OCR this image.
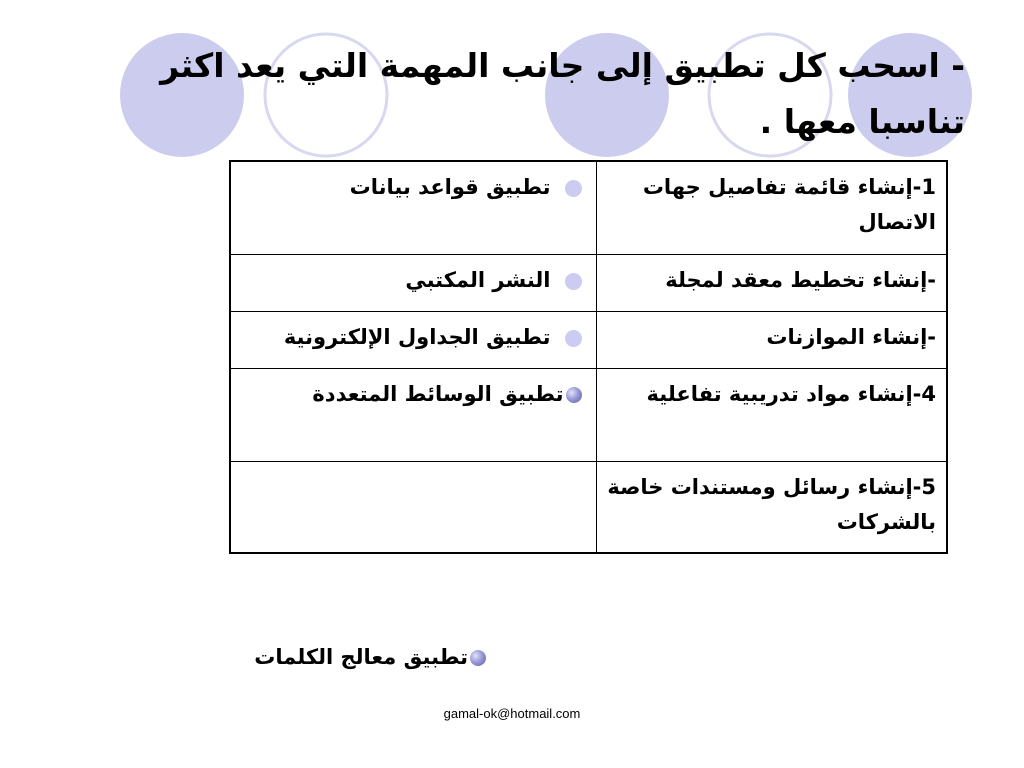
- اسحب كل تطبيق إلى جانب المهمة التي يعد اكثر تناسبا معها .
1-إنشاء قائمة تفاصيل جهات الاتصال	تطبيق قواعد بيانات
-إنشاء تخطيط معقد لمجلة	النشر المكتبي
-إنشاء الموازنات	تطبيق الجداول الإلكترونية
4-إنشاء مواد تدريبية تفاعلية	تطبيق الوسائط المتعددة
5-إنشاء رسائل ومستندات خاصة بالشركات	
تطبيق معالج الكلمات
gamal-ok@hotmail.com
